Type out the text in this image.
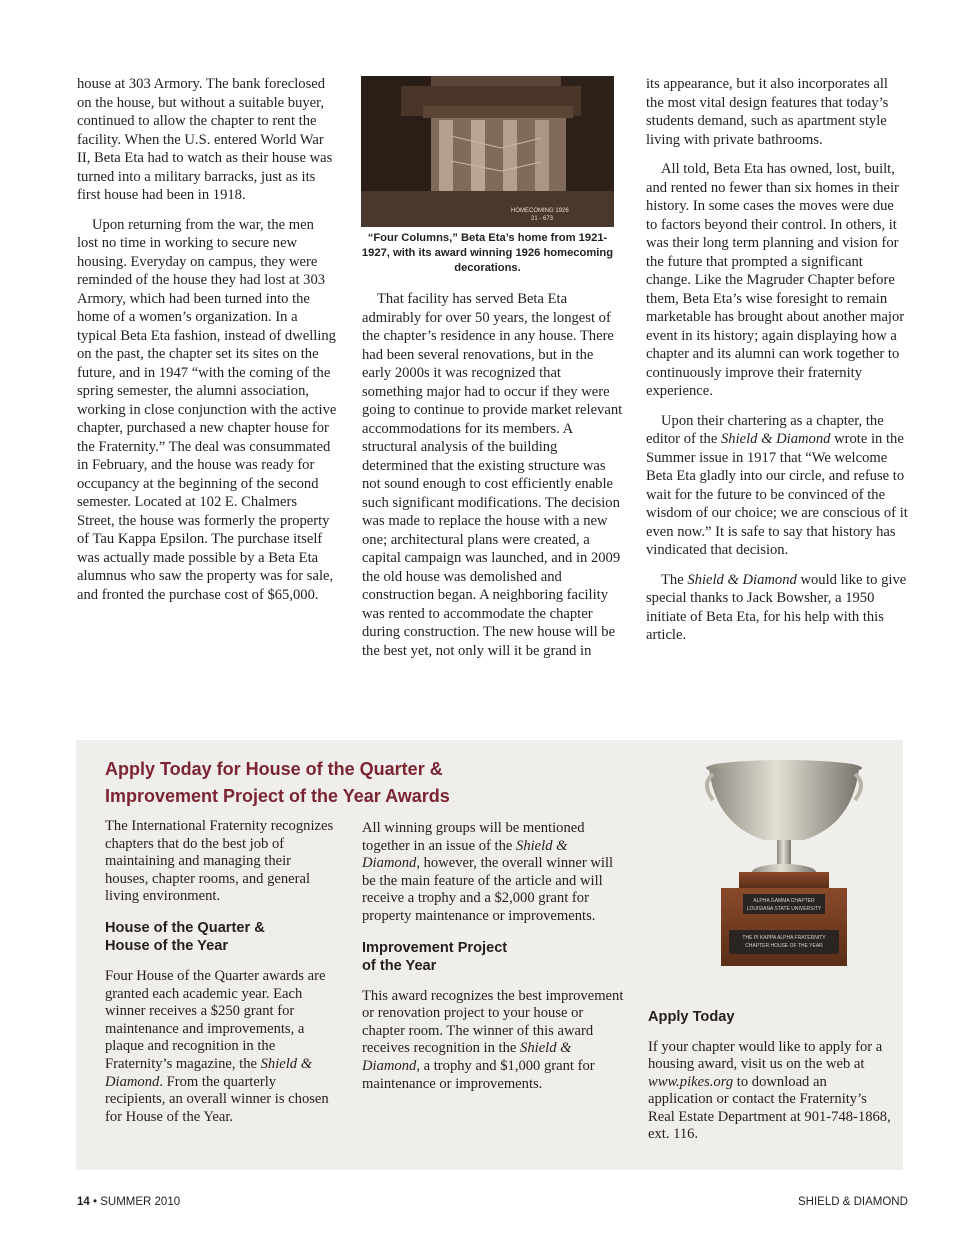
house at 303 Armory. The bank foreclosed on the house, but without a suitable buyer, continued to allow the chapter to rent the facility. When the U.S. entered World War II, Beta Eta had to watch as their house was turned into a military barracks, just as its first house had been in 1918.

Upon returning from the war, the men lost no time in working to secure new housing. Everyday on campus, they were reminded of the house they had lost at 303 Armory, which had been turned into the home of a women’s organization. In a typical Beta Eta fashion, instead of dwelling on the past, the chapter set its sites on the future, and in 1947 “with the coming of the spring semester, the alumni association, working in close conjunction with the active chapter, purchased a new chapter house for the Fraternity.” The deal was consummated in February, and the house was ready for occupancy at the beginning of the second semester. Located at 102 E. Chalmers Street, the house was formerly the property of Tau Kappa Epsilon. The purchase itself was actually made possible by a Beta Eta alumnus who saw the property was for sale, and fronted the purchase cost of $65,000.

HOMECOMING 1926
21 - 673
“Four Columns,” Beta Eta’s home from 1921-1927, with its award winning 1926 homecoming decorations.

That facility has served Beta Eta admirably for over 50 years, the longest of the chapter’s residence in any house. There had been several renovations, but in the early 2000s it was recognized that something major had to occur if they were going to continue to provide market relevant accommodations for its members. A structural analysis of the building determined that the existing structure was not sound enough to cost efficiently enable such significant modifications. The decision was made to replace the house with a new one; architectural plans were created, a capital campaign was launched, and in 2009 the old house was demolished and construction began. A neighboring facility was rented to accommodate the chapter during construction. The new house will be the best yet, not only will it be grand in

its appearance, but it also incorporates all the most vital design features that today’s students demand, such as apartment style living with private bathrooms.

All told, Beta Eta has owned, lost, built, and rented no fewer than six homes in their history. In some cases the moves were due to factors beyond their control. In others, it was their long term planning and vision for the future that prompted a significant change. Like the Magruder Chapter before them, Beta Eta’s wise foresight to remain marketable has brought about another major event in its history; again displaying how a chapter and its alumni can work together to continuously improve their fraternity experience.

Upon their chartering as a chapter, the editor of the Shield & Diamond wrote in the Summer issue in 1917 that “We welcome Beta Eta gladly into our circle, and refuse to wait for the future to be convinced of the wisdom of our choice; we are conscious of it even now.” It is safe to say that history has vindicated that decision.

The Shield & Diamond would like to give special thanks to Jack Bowsher, a 1950 initiate of Beta Eta, for his help with this article.

Apply Today for House of the Quarter & Improvement Project of the Year Awards

The International Fraternity recognizes chapters that do the best job of maintaining and managing their houses, chapter rooms, and general living environment.

House of the Quarter &
House of the Year

Four House of the Quarter awards are granted each academic year. Each winner receives a $250 grant for maintenance and improvements, a plaque and recognition in the Fraternity’s magazine, the Shield & Diamond. From the quarterly recipients, an overall winner is chosen for House of the Year.

All winning groups will be mentioned together in an issue of the Shield & Diamond, however, the overall winner will be the main feature of the article and will receive a trophy and a $2,000 grant for property maintenance or improvements.

Improvement Project
of the Year

This award recognizes the best improvement or renovation project to your house or chapter room. The winner of this award receives recognition in the Shield & Diamond, a trophy and $1,000 grant for maintenance or improvements.

ALPHA GAMMA CHAPTER
LOUISIANA STATE UNIVERSITY
THE PI KAPPA ALPHA FRATERNITY
CHAPTER HOUSE OF THE YEAR
Apply Today

If your chapter would like to apply for a housing award, visit us on the web at www.pikes.org to download an application or contact the Fraternity’s Real Estate Department at 901-748-1868, ext. 116.

14 • SUMMER 2010	SHIELD & DIAMOND
